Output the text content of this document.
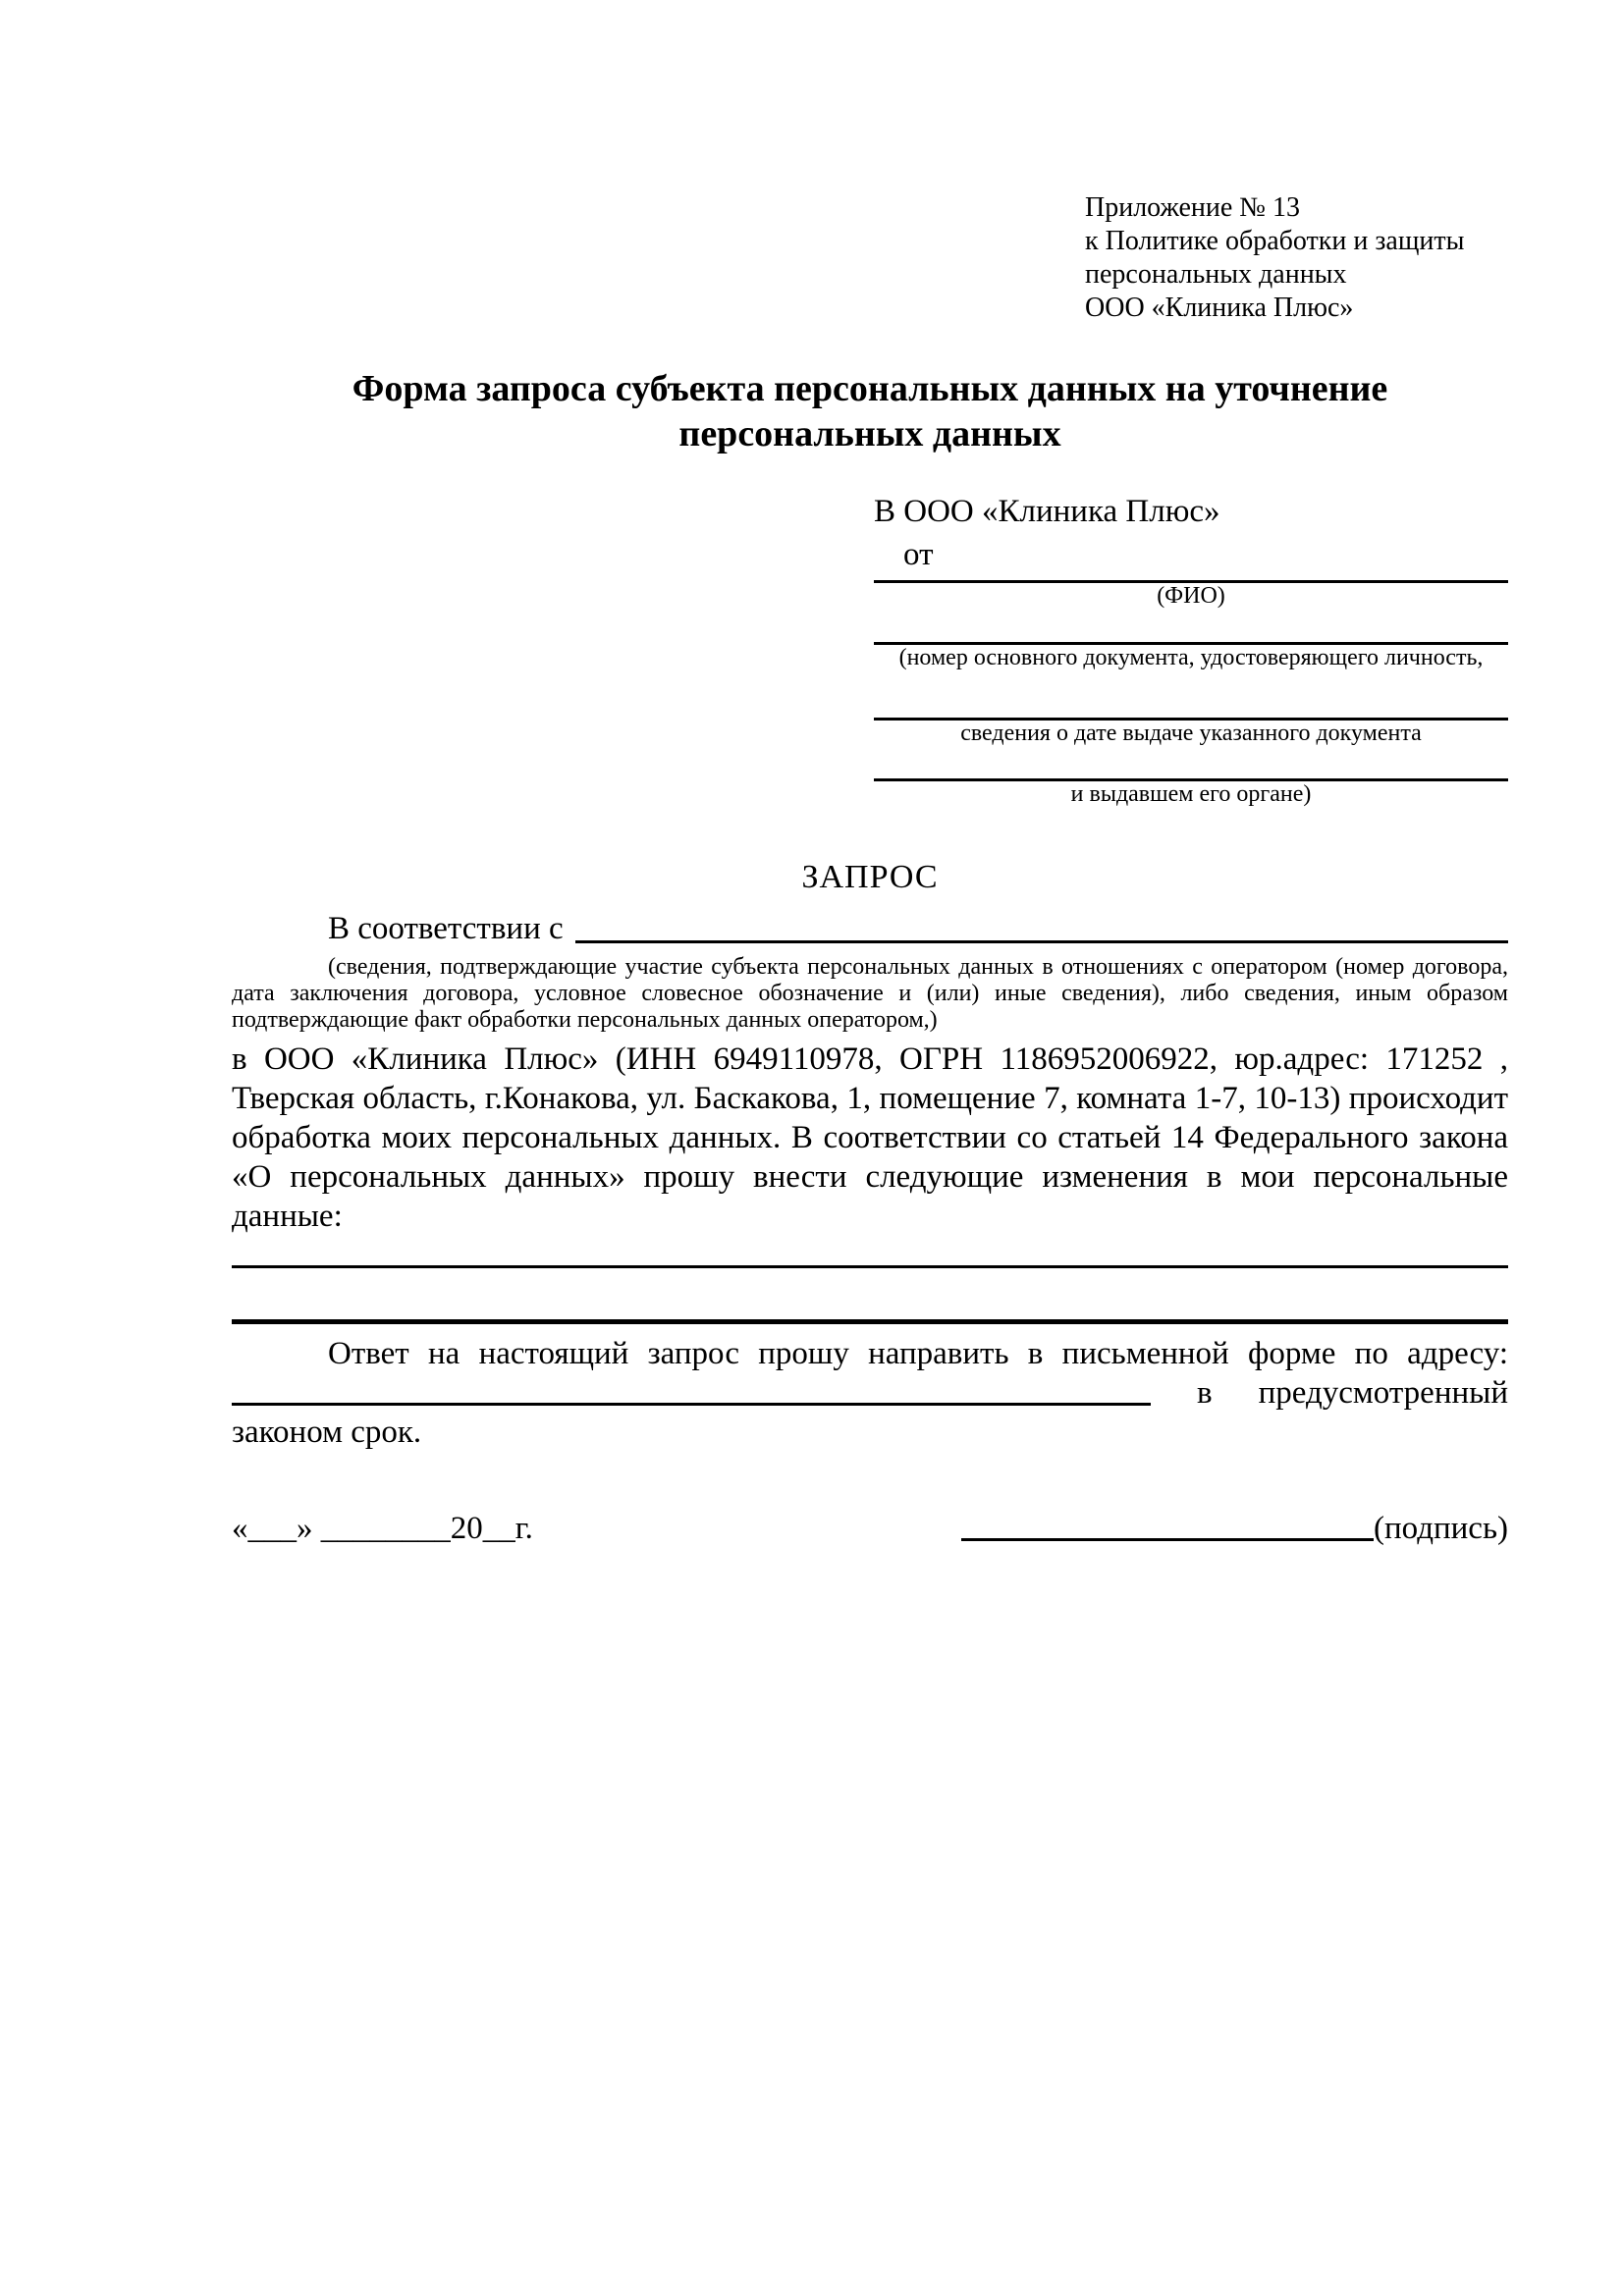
Приложение № 13
к Политике обработки и защиты
персональных данных
ООО «Клиника Плюс»
Форма запроса субъекта персональных данных на уточнение
персональных данных
В ООО «Клиника Плюс»
от
(ФИО)
(номер основного документа, удостоверяющего личность,
сведения о дате выдаче указанного документа
и выдавшем его органе)
ЗАПРОС
В соответствии с
(сведения, подтверждающие участие субъекта персональных данных в отношениях с оператором (номер договора, дата заключения договора, условное словесное обозначение и (или) иные сведения), либо сведения, иным образом подтверждающие факт обработки персональных данных оператором,)
в ООО «Клиника Плюс» (ИНН 6949110978, ОГРН 1186952006922, юр.адрес: 171252 , Тверская область, г.Конакова, ул. Баскакова, 1, помещение 7, комната 1-7, 10-13) происходит обработка моих персональных данных. В соответствии со статьей 14 Федерального закона «О персональных данных» прошу внести следующие изменения в мои персональные данные:
Ответ на настоящий запрос прошу направить в письменной форме по адресу:
в предусмотренный
законом срок.
«___» ________20__г.	(подпись)
